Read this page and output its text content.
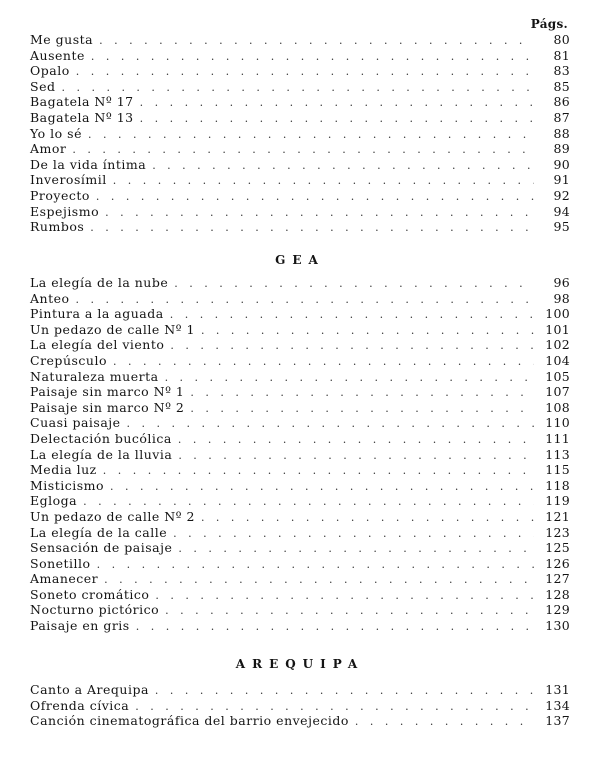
Págs.
Me gusta . . .	80
Ausente . . .	81
Opalo . . .	83
Sed . . .	85
Bagatela Nº 17 . . .	86
Bagatela Nº 13 . . .	87
Yo lo sé . . .	88
Amor . . .	89
De la vida íntima . . .	90
Inverosímil . . .	91
Proyecto . . .	92
Espejismo . . .	94
Rumbos . . .	95
GEA
La elegía de la nube . . .	96
Anteo . . .	98
Pintura a la aguada . . .	100
Un pedazo de calle Nº 1 . . .	101
La elegía del viento . . .	102
Crepúsculo . . .	104
Naturaleza muerta . . .	105
Paisaje sin marco Nº 1 . . .	107
Paisaje sin marco Nº 2 . . .	108
Cuasi paisaje . . .	110
Delectación bucólica . . .	111
La elegía de la lluvia . . .	113
Media luz . . .	115
Misticismo . . .	118
Egloga . . .	119
Un pedazo de calle Nº 2 . . .	121
La elegía de la calle . . .	123
Sensación de paisaje . . .	125
Sonetillo . . .	126
Amanecer . . .	127
Soneto cromático . . .	128
Nocturno pictórico . . .	129
Paisaje en gris . . .	130
AREQUIPA
Canto a Arequipa . . .	131
Ofrenda cívica . . .	134
Canción cinematográfica del barrio envejecido . . .	137
